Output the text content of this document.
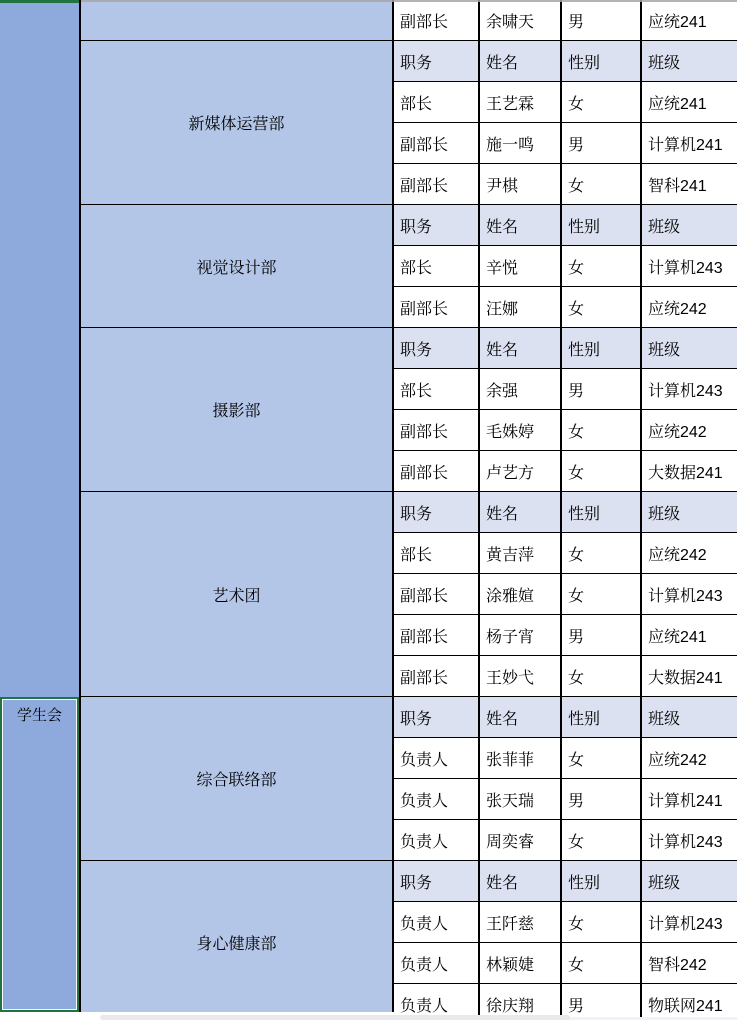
副部长	余啸天	男	应统241
新媒体运营部
职务	姓名	性别	班级
部长	王艺霖	女	应统241
副部长	施一鸣	男	计算机241
副部长	尹棋	女	智科241
视觉设计部
职务	姓名	性别	班级
部长	辛悦	女	计算机243
副部长	汪娜	女	应统242
摄影部
职务	姓名	性别	班级
部长	余强	男	计算机243
副部长	毛姝婷	女	应统242
副部长	卢艺方	女	大数据241
艺术团
职务	姓名	性别	班级
部长	黄吉萍	女	应统242
副部长	涂雅媗	女	计算机243
副部长	杨子宵	男	应统241
副部长	王妙弋	女	大数据241
综合联络部
职务	姓名	性别	班级
负责人	张菲菲	女	应统242
负责人	张天瑞	男	计算机241
负责人	周奕睿	女	计算机243
身心健康部
职务	姓名	性别	班级
负责人	王阡慈	女	计算机243
负责人	林颖婕	女	智科242
负责人	徐庆翔	男	物联网241
学生会
